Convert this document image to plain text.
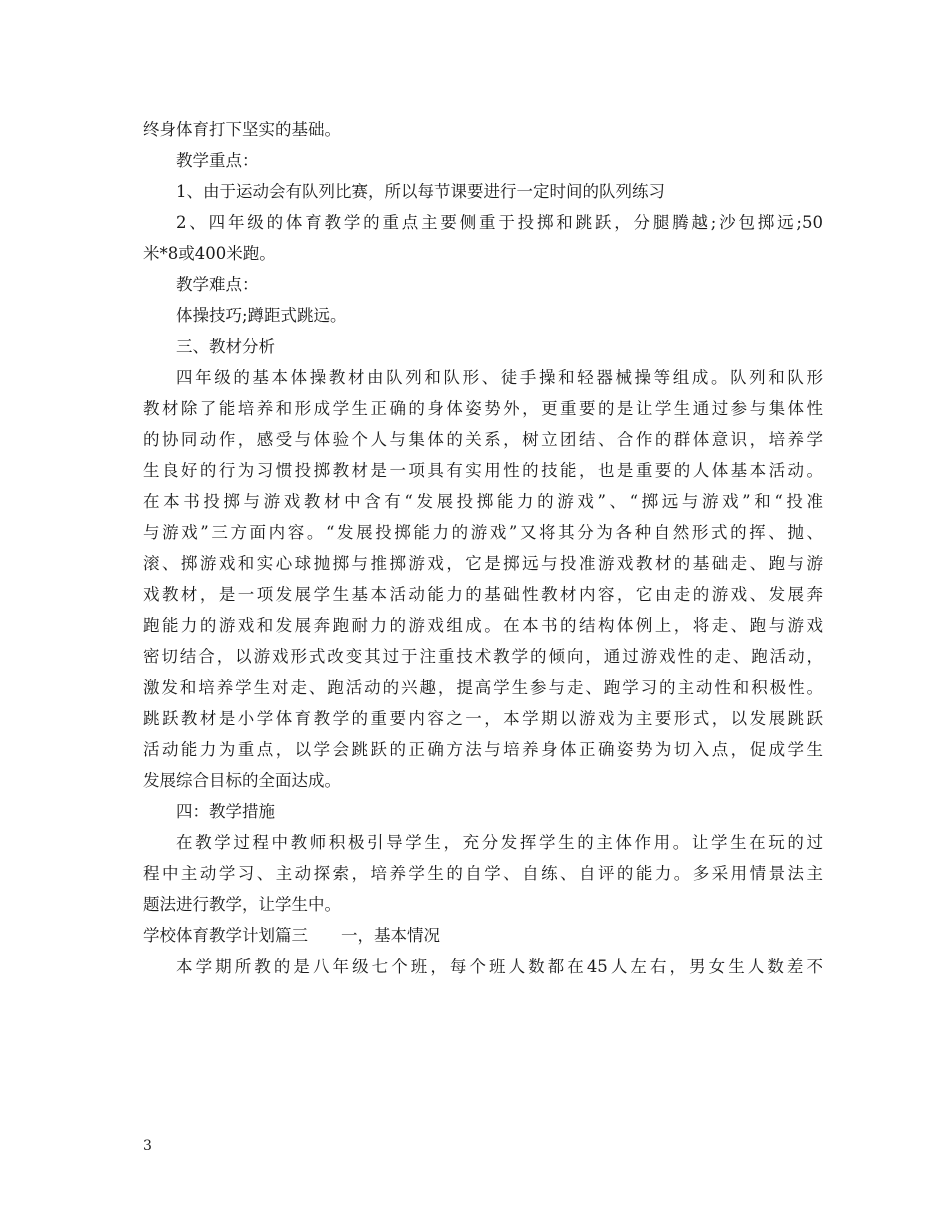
终身体育打下坚实的基础。
教学重点：
1、由于运动会有队列比赛，所以每节课要进行一定时间的队列练习
2、四年级的体育教学的重点主要侧重于投掷和跳跃，分腿腾越;沙包掷远;50
米*8或400米跑。
教学难点：
体操技巧;蹲距式跳远。
三、教材分析
四年级的基本体操教材由队列和队形、徒手操和轻器械操等组成。队列和队形
教材除了能培养和形成学生正确的身体姿势外，更重要的是让学生通过参与集体性
的协同动作，感受与体验个人与集体的关系，树立团结、合作的群体意识，培养学
生良好的行为习惯投掷教材是一项具有实用性的技能，也是重要的人体基本活动。
在本书投掷与游戏教材中含有“发展投掷能力的游戏”、“掷远与游戏”和“投准
与游戏”三方面内容。“发展投掷能力的游戏”又将其分为各种自然形式的挥、抛、
滚、掷游戏和实心球抛掷与推掷游戏，它是掷远与投准游戏教材的基础走、跑与游
戏教材，是一项发展学生基本活动能力的基础性教材内容，它由走的游戏、发展奔
跑能力的游戏和发展奔跑耐力的游戏组成。在本书的结构体例上，将走、跑与游戏
密切结合，以游戏形式改变其过于注重技术教学的倾向，通过游戏性的走、跑活动，
激发和培养学生对走、跑活动的兴趣，提高学生参与走、跑学习的主动性和积极性。
跳跃教材是小学体育教学的重要内容之一，本学期以游戏为主要形式，以发展跳跃
活动能力为重点，以学会跳跃的正确方法与培养身体正确姿势为切入点，促成学生
发展综合目标的全面达成。
四：教学措施
在教学过程中教师积极引导学生，充分发挥学生的主体作用。让学生在玩的过
程中主动学习、主动探索，培养学生的自学、自练、自评的能力。多采用情景法主
题法进行教学，让学生中。
学校体育教学计划篇三　　一，基本情况
本学期所教的是八年级七个班，每个班人数都在45人左右，男女生人数差不
3
